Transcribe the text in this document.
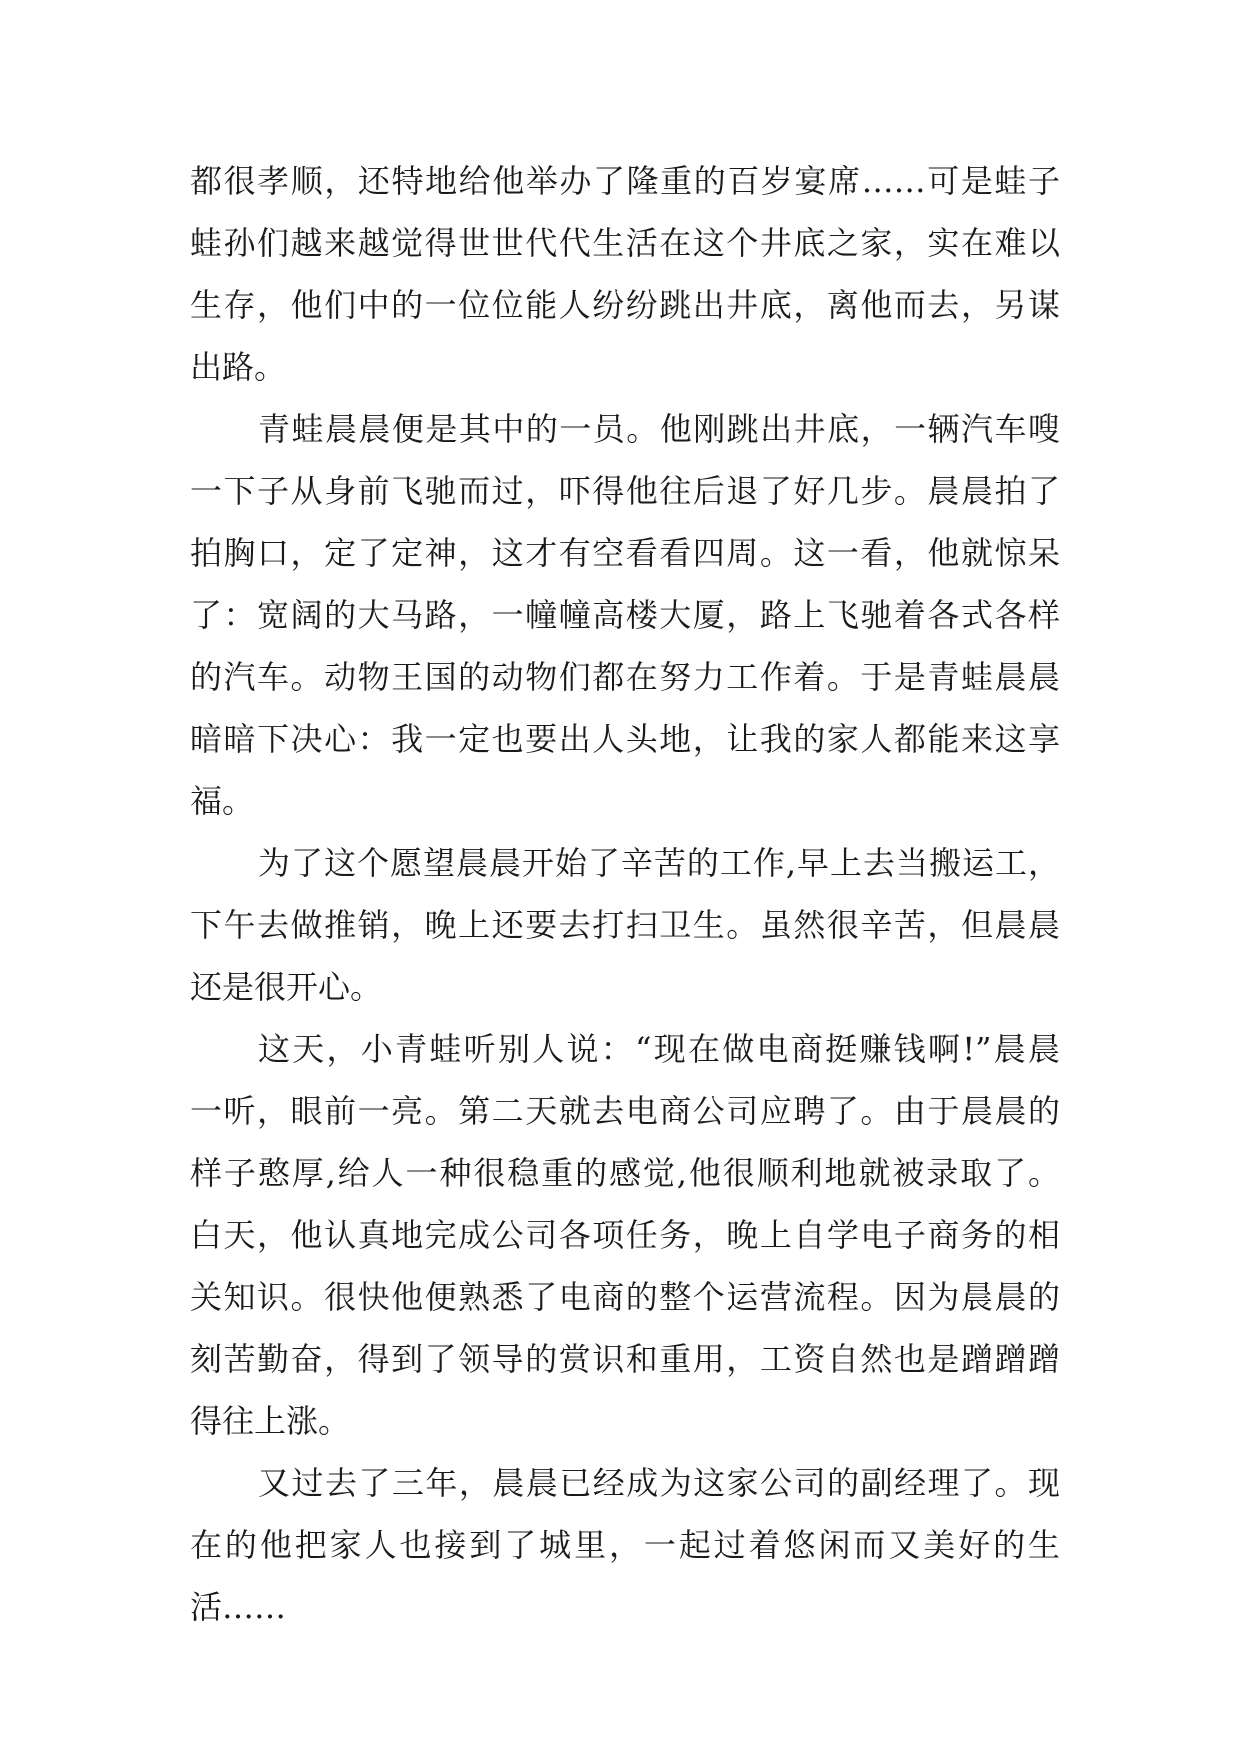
都很孝顺，还特地给他举办了隆重的百岁宴席……可是蛙子
蛙孙们越来越觉得世世代代生活在这个井底之家，实在难以
生存，他们中的一位位能人纷纷跳出井底，离他而去，另谋
出路。
青蛙晨晨便是其中的一员。他刚跳出井底，一辆汽车嗖
一下子从身前飞驰而过，吓得他往后退了好几步。晨晨拍了
拍胸口，定了定神，这才有空看看四周。这一看，他就惊呆
了：宽阔的大马路，一幢幢高楼大厦，路上飞驰着各式各样
的汽车。动物王国的动物们都在努力工作着。于是青蛙晨晨
暗暗下决心：我一定也要出人头地，让我的家人都能来这享
福。
为了这个愿望晨晨开始了辛苦的工作,早上去当搬运工，
下午去做推销，晚上还要去打扫卫生。虽然很辛苦，但晨晨
还是很开心。
这天，小青蛙听别人说：“现在做电商挺赚钱啊!”晨晨
一听，眼前一亮。第二天就去电商公司应聘了。由于晨晨的
样子憨厚,给人一种很稳重的感觉,他很顺利地就被录取了。
白天，他认真地完成公司各项任务，晚上自学电子商务的相
关知识。很快他便熟悉了电商的整个运营流程。因为晨晨的
刻苦勤奋，得到了领导的赏识和重用，工资自然也是蹭蹭蹭
得往上涨。
又过去了三年，晨晨已经成为这家公司的副经理了。现
在的他把家人也接到了城里，一起过着悠闲而又美好的生
活……
